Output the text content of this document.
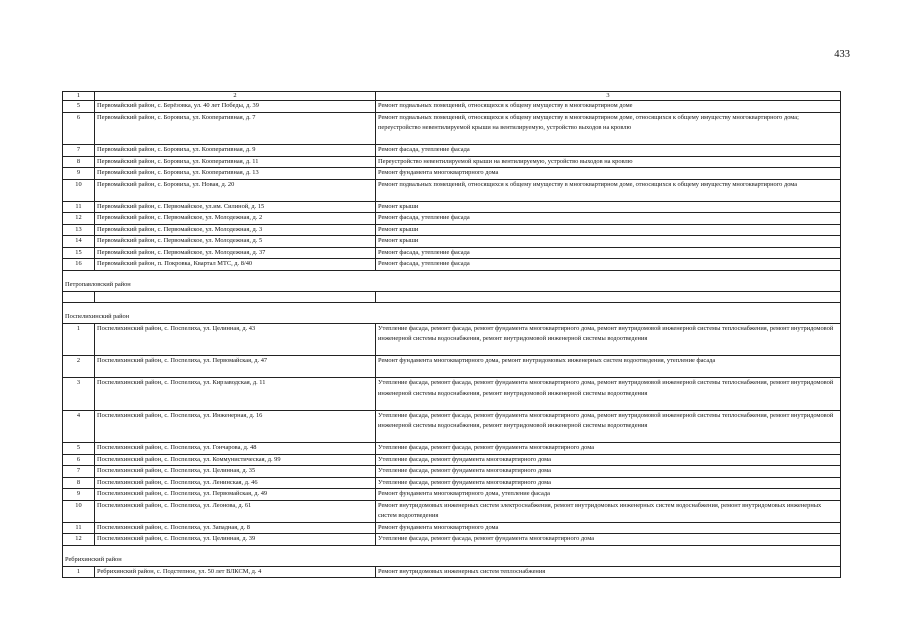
433
1	2	3
5	Первомайский район, с. Берёзовка, ул. 40 лет Победы, д. 39	Ремонт подвальных помещений, относящихся к общему имуществу в многоквартирном доме
6	Первомайский район, с. Боровиха, ул. Кооперативная, д. 7	Ремонт подвальных помещений, относящихся к общему имуществу в многоквартирном доме, относящихся к общему имуществу многоквартирного дома; переустройство невентилируемой крыши на вентилируемую, устройство выходов на кровлю
7	Первомайский район, с. Боровиха, ул. Кооперативная, д. 9	Ремонт фасада, утепление фасада
8	Первомайский район, с. Боровиха, ул. Кооперативная, д. 11	Переустройство невентилируемой крыши на вентилируемую, устройство выходов на кровлю
9	Первомайский район, с. Боровиха, ул. Кооперативная, д. 13	Ремонт фундамента многоквартирного дома
10	Первомайский район, с. Боровиха, ул. Новая, д. 20	Ремонт подвальных помещений, относящихся к общему имуществу в многоквартирном доме, относящихся к общему имуществу многоквартирного дома
11	Первомайский район, с. Первомайское, ул.им. Силиной, д. 15	Ремонт крыши
12	Первомайский район, с. Первомайское, ул. Молодежная, д. 2	Ремонт фасада, утепление фасада
13	Первомайский район, с. Первомайское, ул. Молодежная, д. 3	Ремонт крыши
14	Первомайский район, с. Первомайское, ул. Молодежная, д. 5	Ремонт крыши
15	Первомайский район, с. Первомайское, ул. Молодежная, д. 37	Ремонт фасада, утепление фасада
16	Первомайский район, п. Покровка, Квартал МТС, д. 8/40	Ремонт фасада, утепление фасада
Петропавловский район		

Поспелихинский район		
1	Поспелихинский район, с. Поспелиха, ул. Целинная, д. 43	Утепление фасада, ремонт фасада, ремонт фундамента многоквартирного дома, ремонт внутридомовой инженерной системы теплоснабжения, ремонт внутридомовой инженерной системы водоснабжения, ремонт внутридомовой инженерной системы водоотведения
2	Поспелихинский район, с. Поспелиха, ул. Первомайская, д. 47	Ремонт фундамента многоквартирного дома, ремонт внутридомовых инженерных систем водоотведения, утепление фасада
3	Поспелихинский район, с. Поспелиха, ул. Кирзаводская, д. 11	Утепление фасада, ремонт фасада, ремонт фундамента многоквартирного дома, ремонт внутридомовой инженерной системы теплоснабжения, ремонт внутридомовой инженерной системы водоснабжения, ремонт внутридомовой инженерной системы водоотведения
4	Поспелихинский район, с. Поспелиха, ул. Инженерная, д. 16	Утепление фасада, ремонт фасада, ремонт фундамента многоквартирного дома, ремонт внутридомовой инженерной системы теплоснабжения, ремонт внутридомовой инженерной системы водоснабжения, ремонт внутридомовой инженерной системы водоотведения
5	Поспелихинский район, с. Поспелиха, ул. Гончарова, д. 48	Утепление фасада, ремонт фасада, ремонт фундамента многоквартирного дома
6	Поспелихинский район, с. Поспелиха, ул. Коммунистическая, д. 99	Утепление фасада, ремонт фундамента многоквартирного дома
7	Поспелихинский район, с. Поспелиха, ул. Целинная, д. 35	Утепление фасада, ремонт фундамента многоквартирного дома
8	Поспелихинский район, с. Поспелиха, ул. Ленинская, д. 46	Утепление фасада, ремонт фундамента многоквартирного дома
9	Поспелихинский район, с. Поспелиха, ул. Первомайская, д. 49	Ремонт фундамента многоквартирного дома, утепление фасада
10	Поспелихинский район, с. Поспелиха, ул. Леонова, д. 61	Ремонт внутридомовых инженерных систем электроснабжения, ремонт внутридомовых инженерных систем водоснабжения, ремонт внутридомовых инженерных систем водоотведения
11	Поспелихинский район, с. Поспелиха, ул. Западная, д. 8	Ремонт фундамента многоквартирного дома
12	Поспелихинский район, с. Поспелиха, ул. Целинная, д. 39	Утепление фасада, ремонт фасада, ремонт фундамента многоквартирного дома
Ребрихинский район		
1	Ребрихинский район, с. Подстепное, ул. 50 лет ВЛКСМ, д. 4	Ремонт внутридомовых инженерных систем теплоснабжения
